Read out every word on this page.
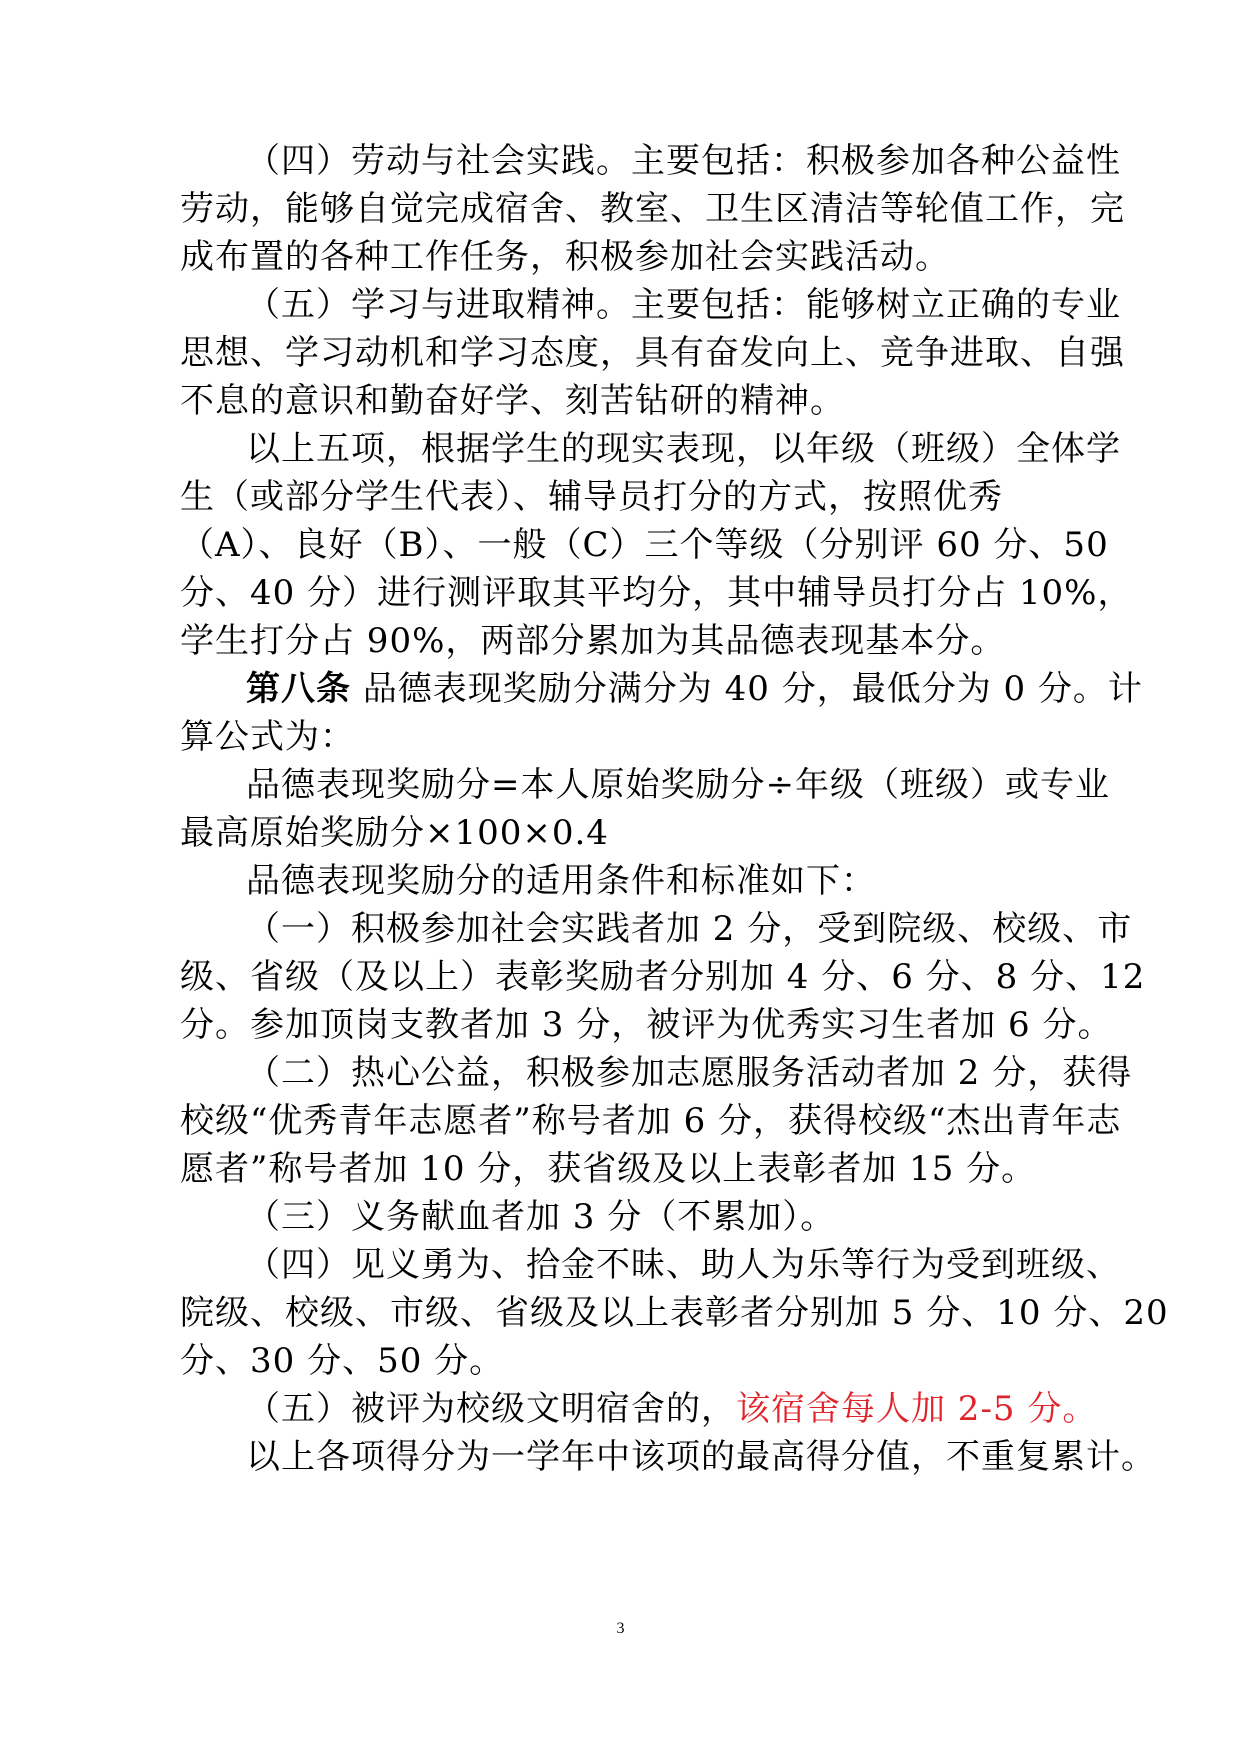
（四）劳动与社会实践。主要包括：积极参加各种公益性
劳动，能够自觉完成宿舍、教室、卫生区清洁等轮值工作，完
成布置的各种工作任务，积极参加社会实践活动。
（五）学习与进取精神。主要包括：能够树立正确的专业
思想、学习动机和学习态度，具有奋发向上、竞争进取、自强
不息的意识和勤奋好学、刻苦钻研的精神。
以上五项，根据学生的现实表现，以年级（班级）全体学
生（或部分学生代表）、辅导员打分的方式，按照优秀
（A）、良好（B）、一般（C）三个等级（分别评 60 分、50
分、40 分）进行测评取其平均分，其中辅导员打分占 10%，
学生打分占 90%，两部分累加为其品德表现基本分。
第八条 品德表现奖励分满分为 40 分，最低分为 0 分。计
算公式为：
品德表现奖励分=本人原始奖励分÷年级（班级）或专业
最高原始奖励分×100×0.4
品德表现奖励分的适用条件和标准如下：
（一）积极参加社会实践者加 2 分，受到院级、校级、市
级、省级（及以上）表彰奖励者分别加 4 分、6 分、8 分、12
分。参加顶岗支教者加 3 分，被评为优秀实习生者加 6 分。
（二）热心公益，积极参加志愿服务活动者加 2 分，获得
校级“优秀青年志愿者”称号者加 6 分，获得校级“杰出青年志
愿者”称号者加 10 分，获省级及以上表彰者加 15 分。
（三）义务献血者加 3 分（不累加）。
（四）见义勇为、拾金不昧、助人为乐等行为受到班级、
院级、校级、市级、省级及以上表彰者分别加 5 分、10 分、20
分、30 分、50 分。
（五）被评为校级文明宿舍的，该宿舍每人加 2-5 分。
以上各项得分为一学年中该项的最高得分值，不重复累计。
3
